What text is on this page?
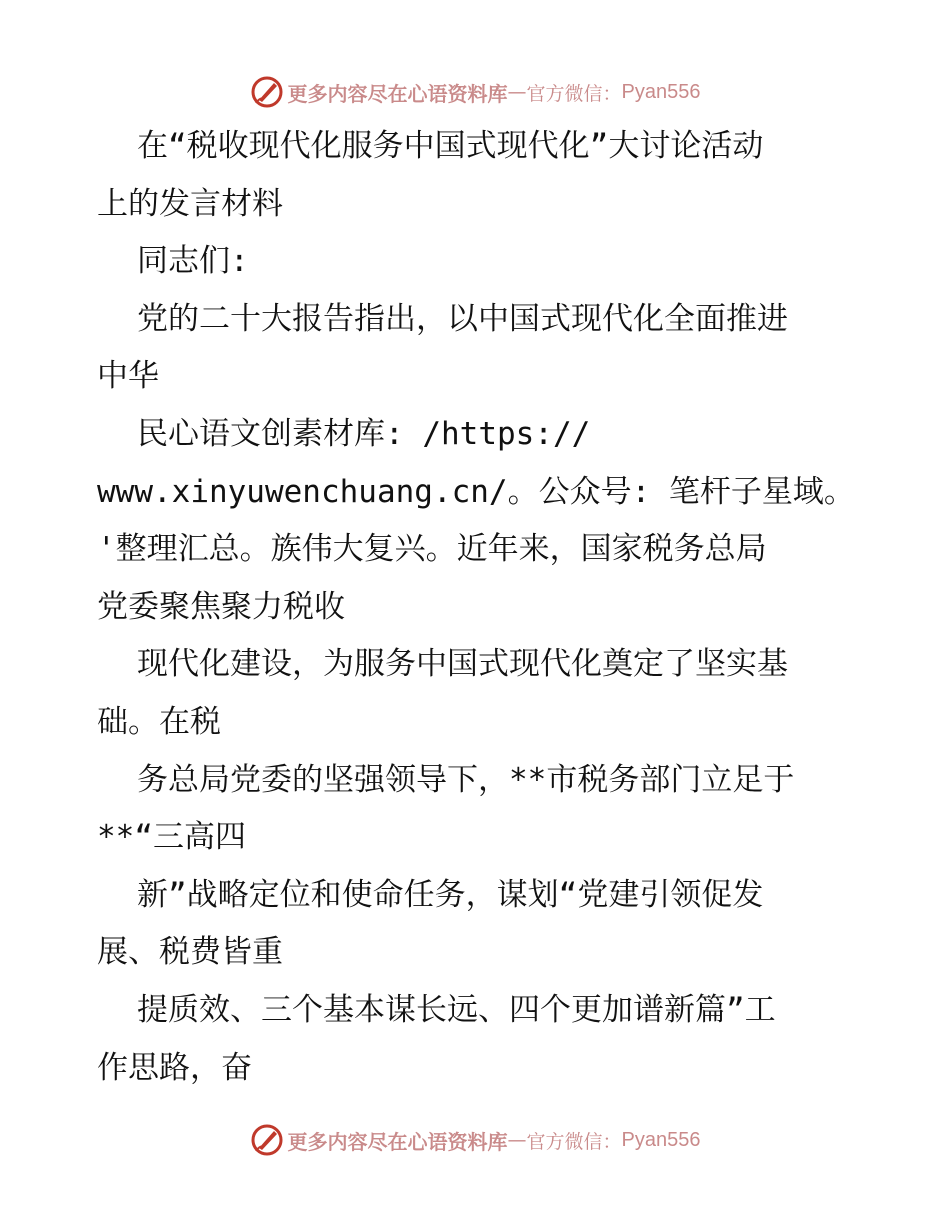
更多内容尽在心语资料库 — 官方微信： Pyan556
在“税收现代化服务中国式现代化”大讨论活动
上的发言材料
同志们:
党的二十大报告指出，以中国式现代化全面推进
中华
民心语文创素材库: /https://
www.xinyuwenchuang.cn/。公众号: 笔杆子星域。
'整理汇总。族伟大复兴。近年来，国家税务总局
党委聚焦聚力税收
现代化建设，为服务中国式现代化奠定了坚实基
础。在税
务总局党委的坚强领导下，**市税务部门立足于
**“三高四
新”战略定位和使命任务，谋划“党建引领促发
展、税费皆重
提质效、三个基本谋长远、四个更加谱新篇”工
作思路，奋
更多内容尽在心语资料库 — 官方微信： Pyan556
